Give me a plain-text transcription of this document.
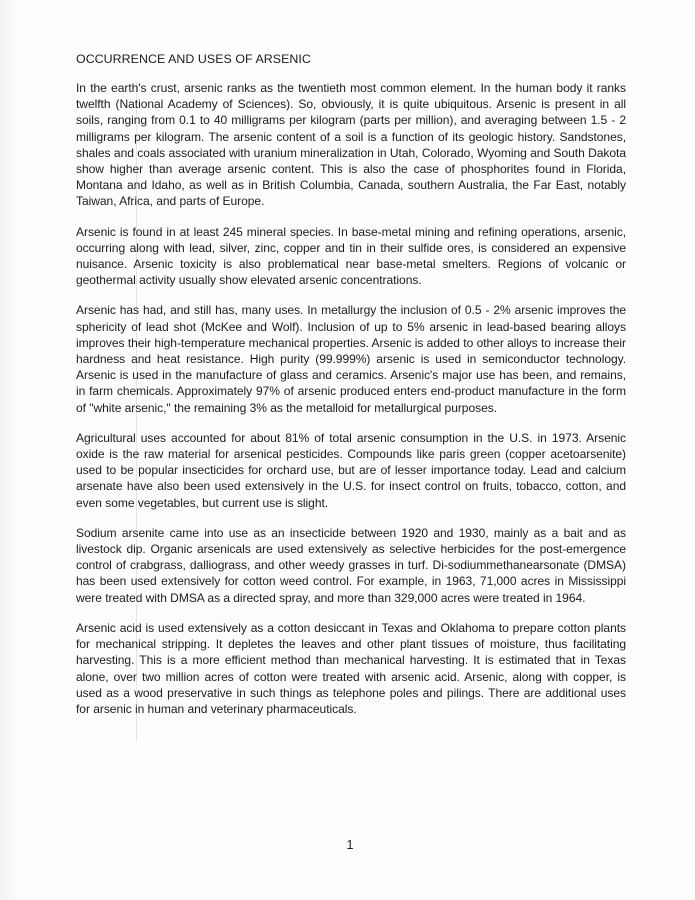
OCCURRENCE AND USES OF ARSENIC

In the earth's crust, arsenic ranks as the twentieth most common element. In the human body it ranks twelfth (National Academy of Sciences). So, obviously, it is quite ubiquitous. Arsenic is present in all soils, ranging from 0.1 to 40 milligrams per kilogram (parts per million), and averaging between 1.5 - 2 milligrams per kilogram. The arsenic content of a soil is a function of its geologic history. Sandstones, shales and coals associated with uranium mineralization in Utah, Colorado, Wyoming and South Dakota show higher than average arsenic content. This is also the case of phosphorites found in Florida, Montana and Idaho, as well as in British Columbia, Canada, southern Australia, the Far East, notably Taiwan, Africa, and parts of Europe.

Arsenic is found in at least 245 mineral species. In base-metal mining and refining operations, arsenic, occurring along with lead, silver, zinc, copper and tin in their sulfide ores, is considered an expensive nuisance. Arsenic toxicity is also problematical near base-metal smelters. Regions of volcanic or geothermal activity usually show elevated arsenic concentrations.

Arsenic has had, and still has, many uses. In metallurgy the inclusion of 0.5 - 2% arsenic improves the sphericity of lead shot (McKee and Wolf). Inclusion of up to 5% arsenic in lead-based bearing alloys improves their high-temperature mechanical properties. Arsenic is added to other alloys to increase their hardness and heat resistance. High purity (99.999%) arsenic is used in semiconductor technology. Arsenic is used in the manufacture of glass and ceramics. Arsenic's major use has been, and remains, in farm chemicals. Approximately 97% of arsenic produced enters end-product manufacture in the form of "white arsenic," the remaining 3% as the metalloid for metallurgical purposes.

Agricultural uses accounted for about 81% of total arsenic consumption in the U.S. in 1973. Arsenic oxide is the raw material for arsenical pesticides. Compounds like paris green (copper acetoarsenite) used to be popular insecticides for orchard use, but are of lesser importance today. Lead and calcium arsenate have also been used extensively in the U.S. for insect control on fruits, tobacco, cotton, and even some vegetables, but current use is slight.

Sodium arsenite came into use as an insecticide between 1920 and 1930, mainly as a bait and as livestock dip. Organic arsenicals are used extensively as selective herbicides for the post-emergence control of crabgrass, dalliograss, and other weedy grasses in turf. Di-sodiummethanearsonate (DMSA) has been used extensively for cotton weed control. For example, in 1963, 71,000 acres in Mississippi were treated with DMSA as a directed spray, and more than 329,000 acres were treated in 1964.

Arsenic acid is used extensively as a cotton desiccant in Texas and Oklahoma to prepare cotton plants for mechanical stripping. It depletes the leaves and other plant tissues of moisture, thus facilitating harvesting. This is a more efficient method than mechanical harvesting. It is estimated that in Texas alone, over two million acres of cotton were treated with arsenic acid. Arsenic, along with copper, is used as a wood preservative in such things as telephone poles and pilings. There are additional uses for arsenic in human and veterinary pharmaceuticals.

1
